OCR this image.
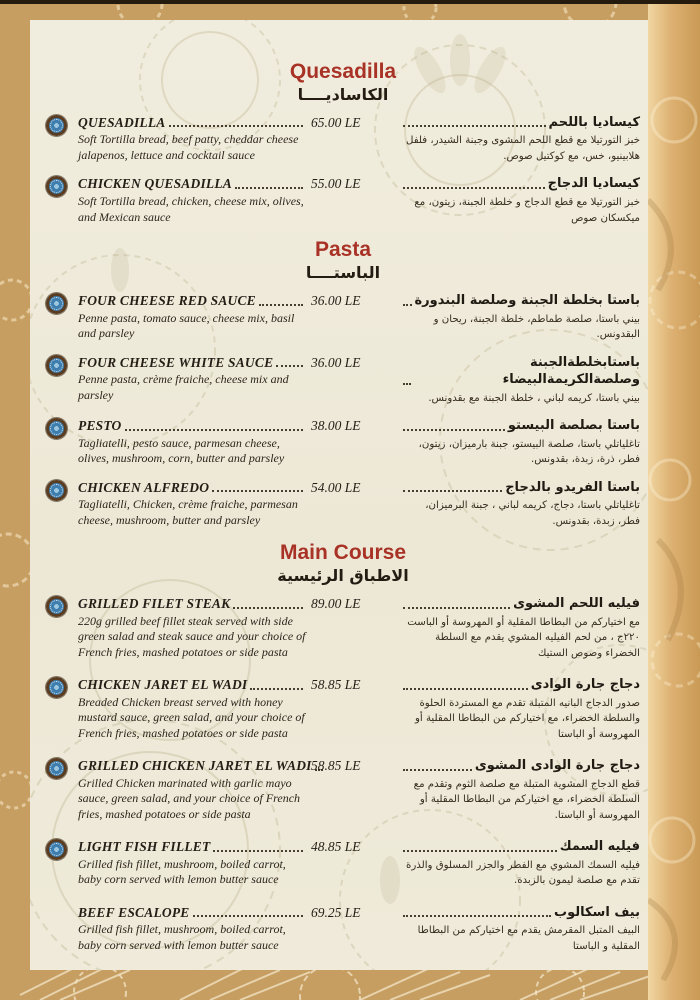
Quesadilla
الكاساديــــا
QUESADILLA
Soft Tortilla bread, beef patty, cheddar cheese jalapenos, lettuce and cocktail sauce
65.00 LE	كيساديا باللحم
خبز التورتيلا مع قطع اللحم المشوى وجبنة الشيدر، فلفل هلابينيو، خس، مع كوكتيل صوص.
CHICKEN QUESADILLA
Soft Tortilla bread, chicken, cheese mix, olives, and Mexican sauce
55.00 LE	كيساديا الدجاج
خبز التورتيلا مع قطع الدجاج و خلطة الجبنة، زيتون، مع ميكسكان صوص
Pasta
الباستــــا
FOUR CHEESE RED SAUCE
Penne pasta, tomato sauce, cheese mix, basil and parsley
36.00 LE	باستا بخلطة الجبنة وصلصة البندورة
بيني باستا، صلصة طماطم، خلطة الجبنة، ريحان و البقدونس.
FOUR CHEESE WHITE SAUCE
Penne pasta, crème fraiche, cheese mix and parsley
36.00 LE	باستابخلطةالجبنة وصلصةالكريمةالبيضاء
بيني باستا، كريمه لباني ، خلطة الجبنة مع بقدونس.
PESTO
Tagliatelli, pesto sauce, parmesan cheese, olives, mushroom, corn, butter and parsley
38.00 LE	باستا بصلصة البيستو
تاغلياتلي باستا، صلصة البيستو، جبنة بارميزان، زيتون، فطر، ذرة، زبدة، بقدونس.
CHICKEN ALFREDO
Tagliatelli, Chicken, crème fraiche, parmesan cheese, mushroom, butter and parsley
54.00 LE	باستا الفريدو بالدجاج
تاغلياتلي باستا، دجاج، كريمه لباني ، جبنة البرميزان، فطر، زبدة، بقدونس.
Main Course
الاطباق الرئيسية
GRILLED FILET STEAK
220g grilled beef fillet steak served with side green salad and steak sauce and your choice of French fries, mashed potatoes or side pasta
89.00 LE	فيليه اللحم المشوى
مع اختياركم من البطاطا المقلية أو المهروسة أو الباست ٢٢٠ج ، من لحم الفيليه المشوي يقدم مع السلطة الخضراء وصوص الستيك
CHICKEN JARET EL WADI
Breaded Chicken breast served with honey mustard sauce, green salad, and your choice of French fries, mashed potatoes or side pasta
58.85 LE	دجاج جارة الوادى
صدور الدجاج البانيه المتبلة تقدم مع المستردة الحلوة والسلطة الخضراء، مع اختياركم من البطاطا المقلية أو المهروسة أو الباستا
GRILLED CHICKEN JARET EL WADI
Grilled Chicken marinated with garlic mayo sauce, green salad, and your choice of French fries, mashed potatoes or side pasta
58.85 LE	دجاج جارة الوادى المشوى
قطع الدجاج المشوية المتبلة مع صلصة الثوم وتقدم مع السلطة الخضراء، مع اختياركم من البطاطا المقلية أو المهروسة أو الباستا.
LIGHT FISH FILLET
Grilled fish fillet, mushroom, boiled carrot, baby corn served with lemon butter sauce
48.85 LE	فيليه السمك
فيليه السمك المشوي مع الفطر والجزر المسلوق والذرة تقدم مع صلصة ليمون بالزبدة.
BEEF ESCALOPE
Grilled fish fillet, mushroom, boiled carrot, baby corn served with lemon butter sauce
69.25 LE	بيف اسكالوب
البيف المتبل المقرمش يقدم مع اختياركم من البطاطا المقلية و الباستا
